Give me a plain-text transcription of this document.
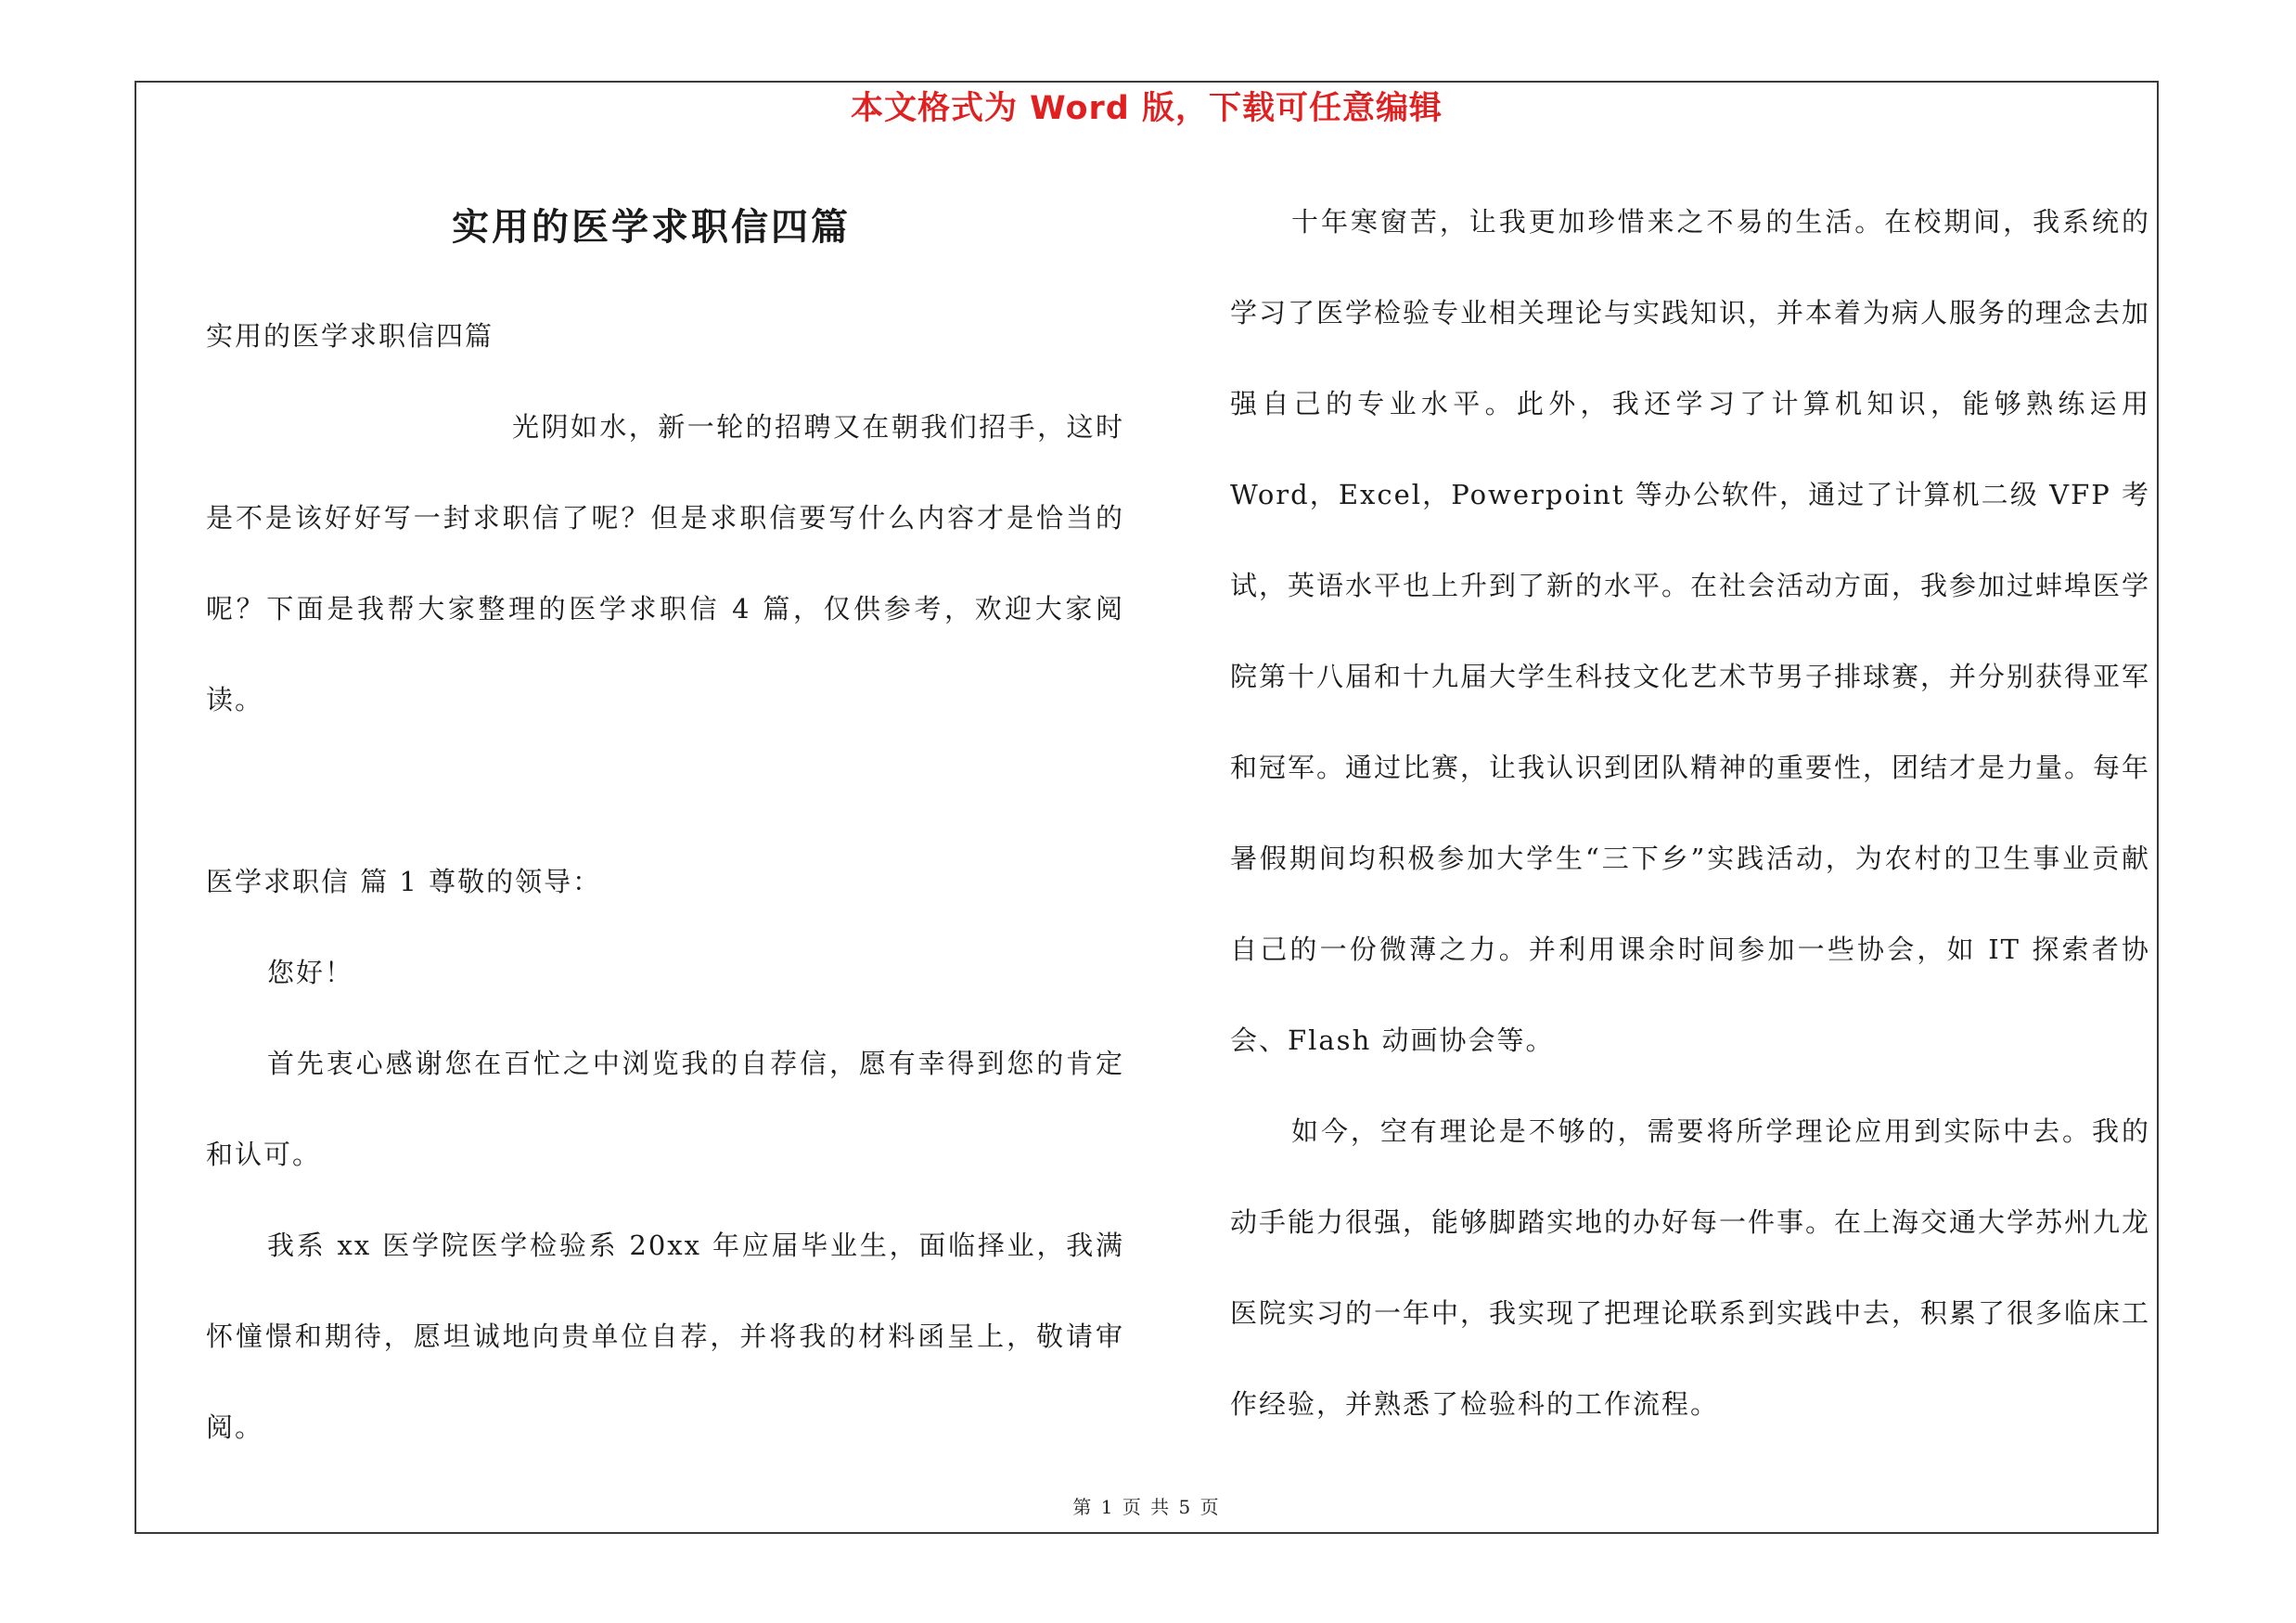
本文格式为 Word 版，下载可任意编辑
实用的医学求职信四篇

实用的医学求职信四篇

光阴如水，新一轮的招聘又在朝我们招手，这时是不是该好好写一封求职信了呢？但是求职信要写什么内容才是恰当的呢？下面是我帮大家整理的医学求职信 4 篇，仅供参考，欢迎大家阅读。

医学求职信 篇 1 尊敬的领导：

您好！

首先衷心感谢您在百忙之中浏览我的自荐信，愿有幸得到您的肯定和认可。

我系 xx 医学院医学检验系 20xx 年应届毕业生，面临择业，我满怀憧憬和期待，愿坦诚地向贵单位自荐，并将我的材料函呈上，敬请审阅。

十年寒窗苦，让我更加珍惜来之不易的生活。在校期间，我系统的学习了医学检验专业相关理论与实践知识，并本着为病人服务的理念去加强自己的专业水平。此外，我还学习了计算机知识，能够熟练运用 Word，Excel，Powerpoint 等办公软件，通过了计算机二级 VFP 考试，英语水平也上升到了新的水平。在社会活动方面，我参加过蚌埠医学院第十八届和十九届大学生科技文化艺术节男子排球赛，并分别获得亚军和冠军。通过比赛，让我认识到团队精神的重要性，团结才是力量。每年暑假期间均积极参加大学生“三下乡”实践活动，为农村的卫生事业贡献自己的一份微薄之力。并利用课余时间参加一些协会，如 IT 探索者协会、Flash 动画协会等。

如今，空有理论是不够的，需要将所学理论应用到实际中去。我的动手能力很强，能够脚踏实地的办好每一件事。在上海交通大学苏州九龙医院实习的一年中，我实现了把理论联系到实践中去，积累了很多临床工作经验，并熟悉了检验科的工作流程。

第 1 页 共 5 页
